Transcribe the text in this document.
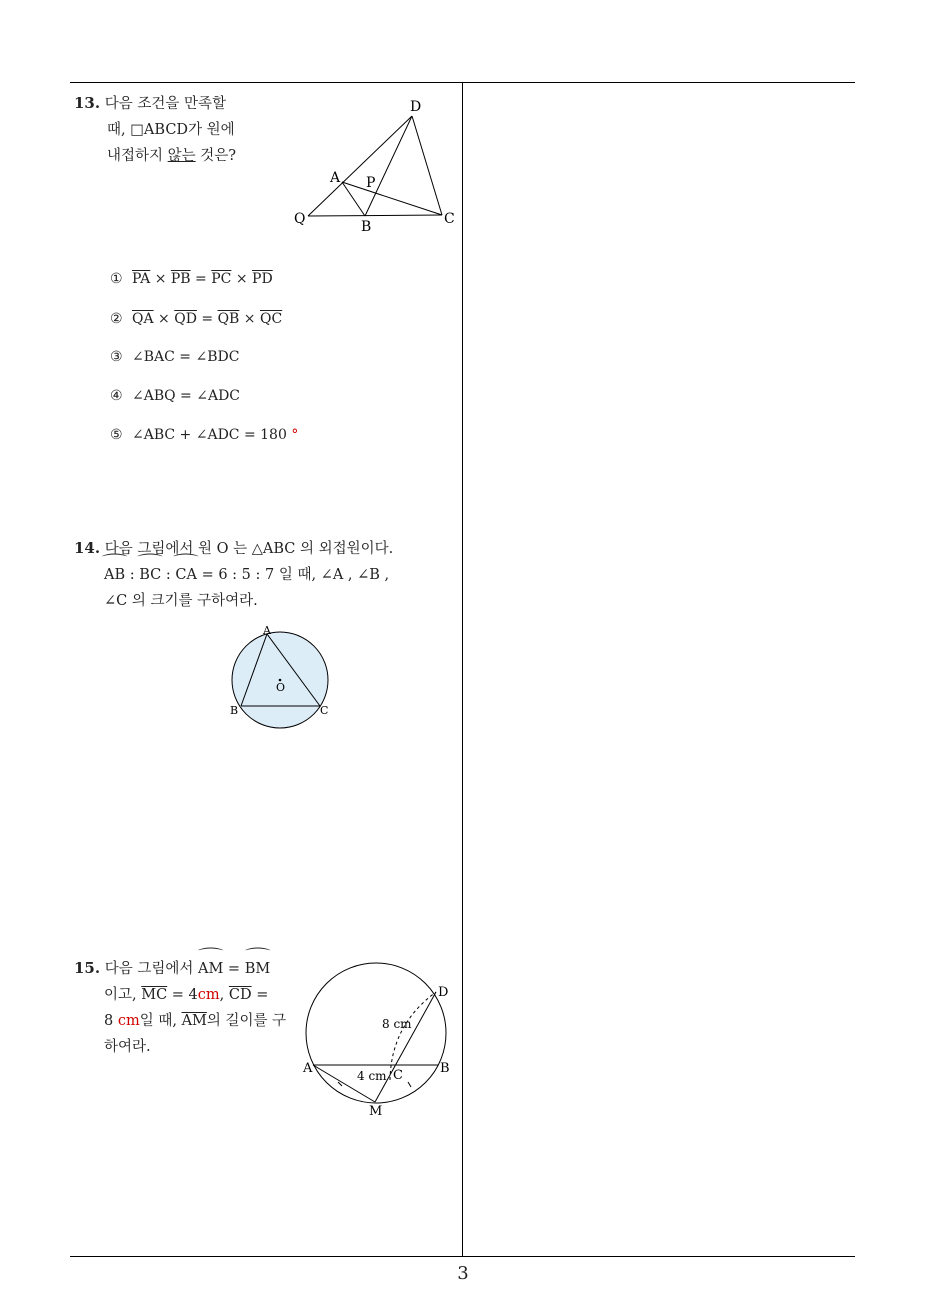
13. 다음 조건을 만족할
때, □ABCD가 원에
내접하지 않는 것은?
D
A P
Q	B	C
① $\overline{PA} \times \overline{PB} = \overline{PC} \times \overline{PD}$
② $\overline{QA} \times \overline{QD} = \overline{QB} \times \overline{QC}$
③ ∠BAC = ∠BDC
④ ∠ABQ = ∠ADC
⑤ ∠ABC + ∠ADC = 180 °
14. 다음 그림에서 원 O 는 △ABC 의 외접원이다.
⌒ AB : ⌒ BC : ⌒ CA = 6 : 5 : 7 일 때, ∠A , ∠B ,
∠C 의 크기를 구하여라.
A
O
B	C
15. 다음 그림에서 ⌒ AM = ⌒ BM
이고, $\overline{MC} = 4cm$, $\overline{CD}$ =
8 cm일 때, $\overline{AM}$의 길이를 구
하여라.
D
8 cm
A	4 cm C	B
M
3
